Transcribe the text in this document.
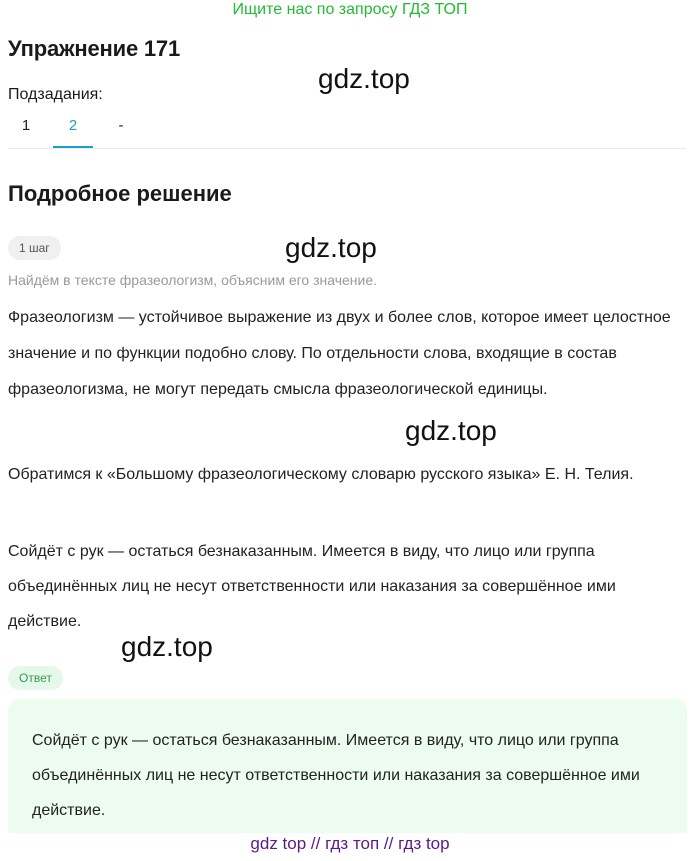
Ищите нас по запросу ГДЗ ТОП
Упражнение 171
Подзадания:
1	2	-
Подробное решение
1 шаг
Найдём в тексте фразеологизм, объясним его значение.
Фразеологизм — устойчивое выражение из двух и более слов, которое имеет целостное значение и по функции подобно слову. По отдельности слова, входящие в состав фразеологизма, не могут передать смысла фразеологической единицы.
Обратимся к «Большому фразеологическому словарю русского языка» Е. Н. Телия.
Сойдёт с рук — остаться безнаказанным. Имеется в виду, что лицо или группа объединённых лиц не несут ответственности или наказания за совершённое ими действие.
Ответ
Сойдёт с рук — остаться безнаказанным. Имеется в виду, что лицо или группа объединённых лиц не несут ответственности или наказания за совершённое ими действие.
gdz.top
gdz.top
gdz.top
gdz.top
gdz top // гдз топ // гдз top
